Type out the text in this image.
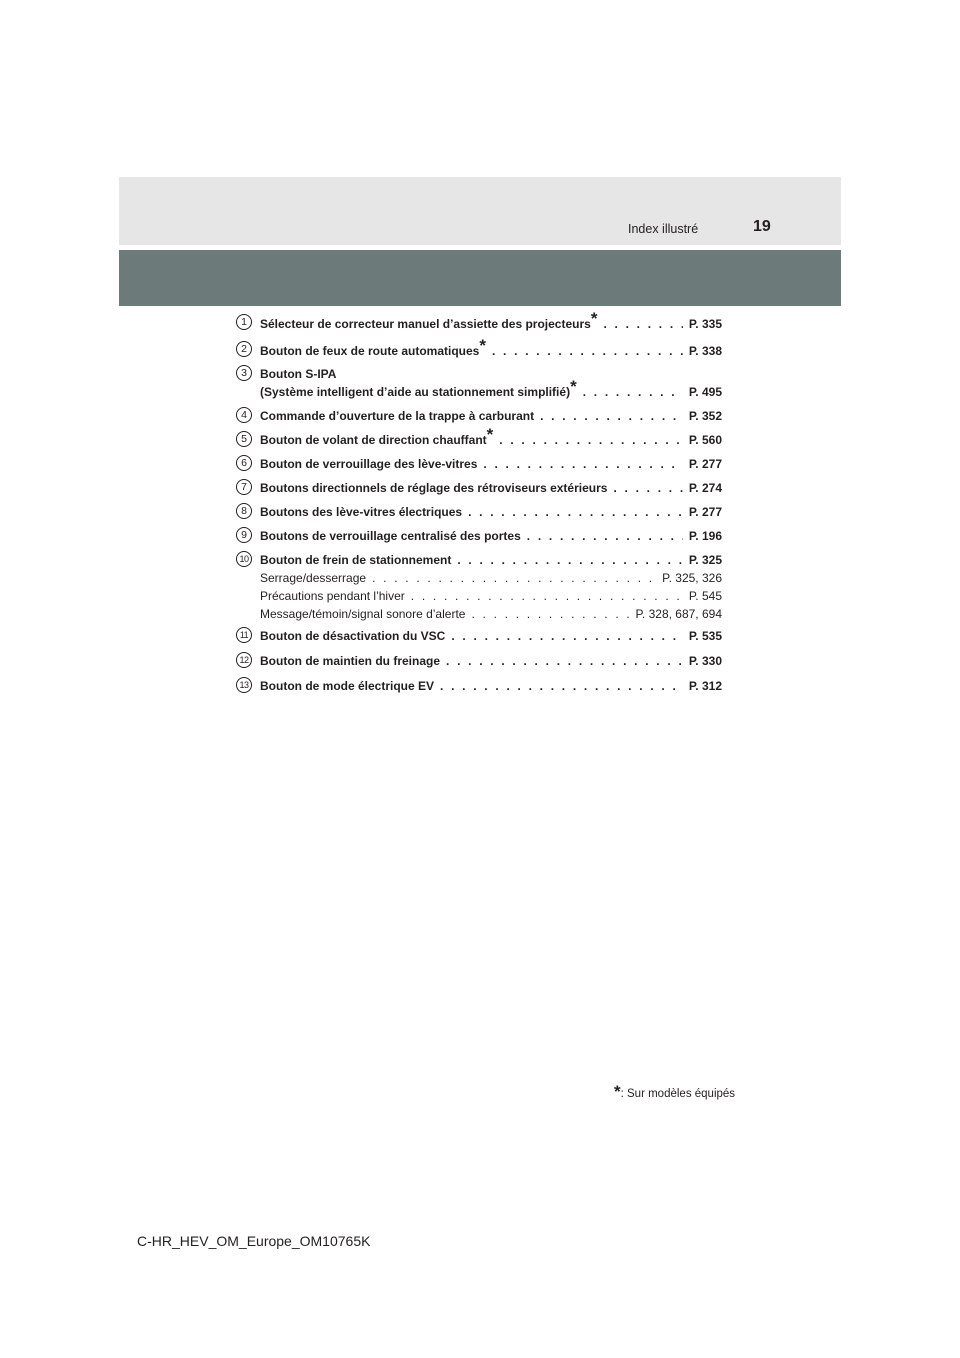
Index illustré	19
1	Sélecteur de correcteur manuel d’assiette des projecteurs* . . .	P. 335
2	Bouton de feux de route automatiques* . . .	P. 338
3	Bouton S-IPA
(Système intelligent d’aide au stationnement simplifié)* . . .	P. 495
4	Commande d’ouverture de la trappe à carburant . . .	P. 352
5	Bouton de volant de direction chauffant* . . .	P. 560
6	Bouton de verrouillage des lève-vitres . . .	P. 277
7	Boutons directionnels de réglage des rétroviseurs extérieurs . . .	P. 274
8	Boutons des lève-vitres électriques . . .	P. 277
9	Boutons de verrouillage centralisé des portes . . .	P. 196
10 Bouton de frein de stationnement . . .	P. 325
Serrage/desserrage . . .	P. 325, 326
Précautions pendant l’hiver . . .	P. 545
Message/témoin/signal sonore d’alerte . . .	P. 328, 687, 694
11 Bouton de désactivation du VSC . . .	P. 535
12 Bouton de maintien du freinage . . .	P. 330
13 Bouton de mode électrique EV . . .	P. 312
*: Sur modèles équipés
C-HR_HEV_OM_Europe_OM10765K
